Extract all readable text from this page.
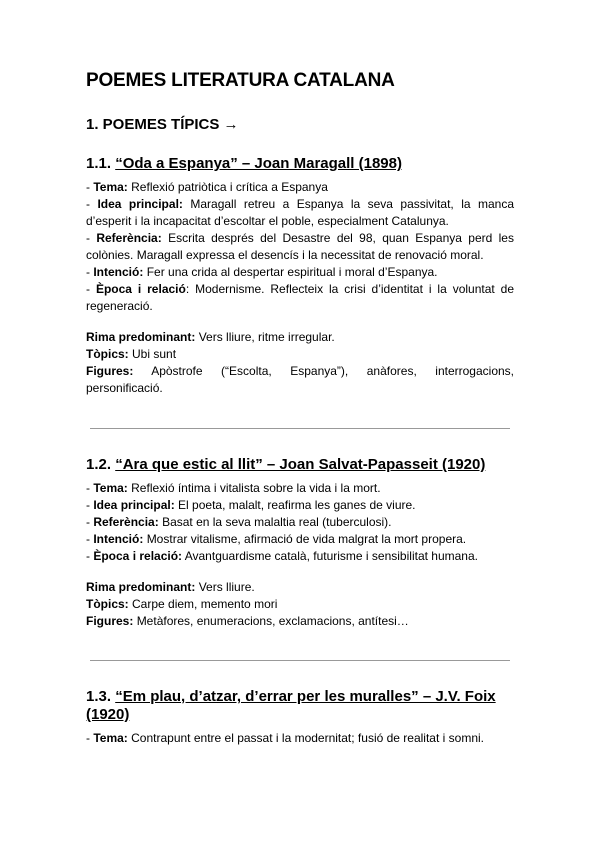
POEMES LITERATURA CATALANA
1. POEMES TÍPICS →
1.1. “Oda a Espanya” – Joan Maragall (1898)

- Tema: Reflexió patriòtica i crítica a Espanya

- Idea principal: Maragall retreu a Espanya la seva passivitat, la manca d’esperit i la incapacitat d’escoltar el poble, especialment Catalunya.

- Referència: Escrita després del Desastre del 98, quan Espanya perd les colònies. Maragall expressa el desencís i la necessitat de renovació moral.

- Intenció: Fer una crida al despertar espiritual i moral d’Espanya.

- Època i relació: Modernisme. Reflecteix la crisi d’identitat i la voluntat de regeneració.

Rima predominant: Vers lliure, ritme irregular.

Tòpics: Ubi sunt

Figures: Apòstrofe (“Escolta, Espanya”), anàfores, interrogacions, personificació.

1.2. “Ara que estic al llit” – Joan Salvat-Papasseit (1920)

- Tema: Reflexió íntima i vitalista sobre la vida i la mort.

- Idea principal: El poeta, malalt, reafirma les ganes de viure.

- Referència: Basat en la seva malaltia real (tuberculosi).

- Intenció: Mostrar vitalisme, afirmació de vida malgrat la mort propera.

- Època i relació: Avantguardisme català, futurisme i sensibilitat humana.

Rima predominant: Vers lliure.

Tòpics: Carpe diem, memento mori

Figures: Metàfores, enumeracions, exclamacions, antítesi…

1.3. “Em plau, d’atzar, d’errar per les muralles” – J.V. Foix (1920)

- Tema: Contrapunt entre el passat i la modernitat; fusió de realitat i somni.
